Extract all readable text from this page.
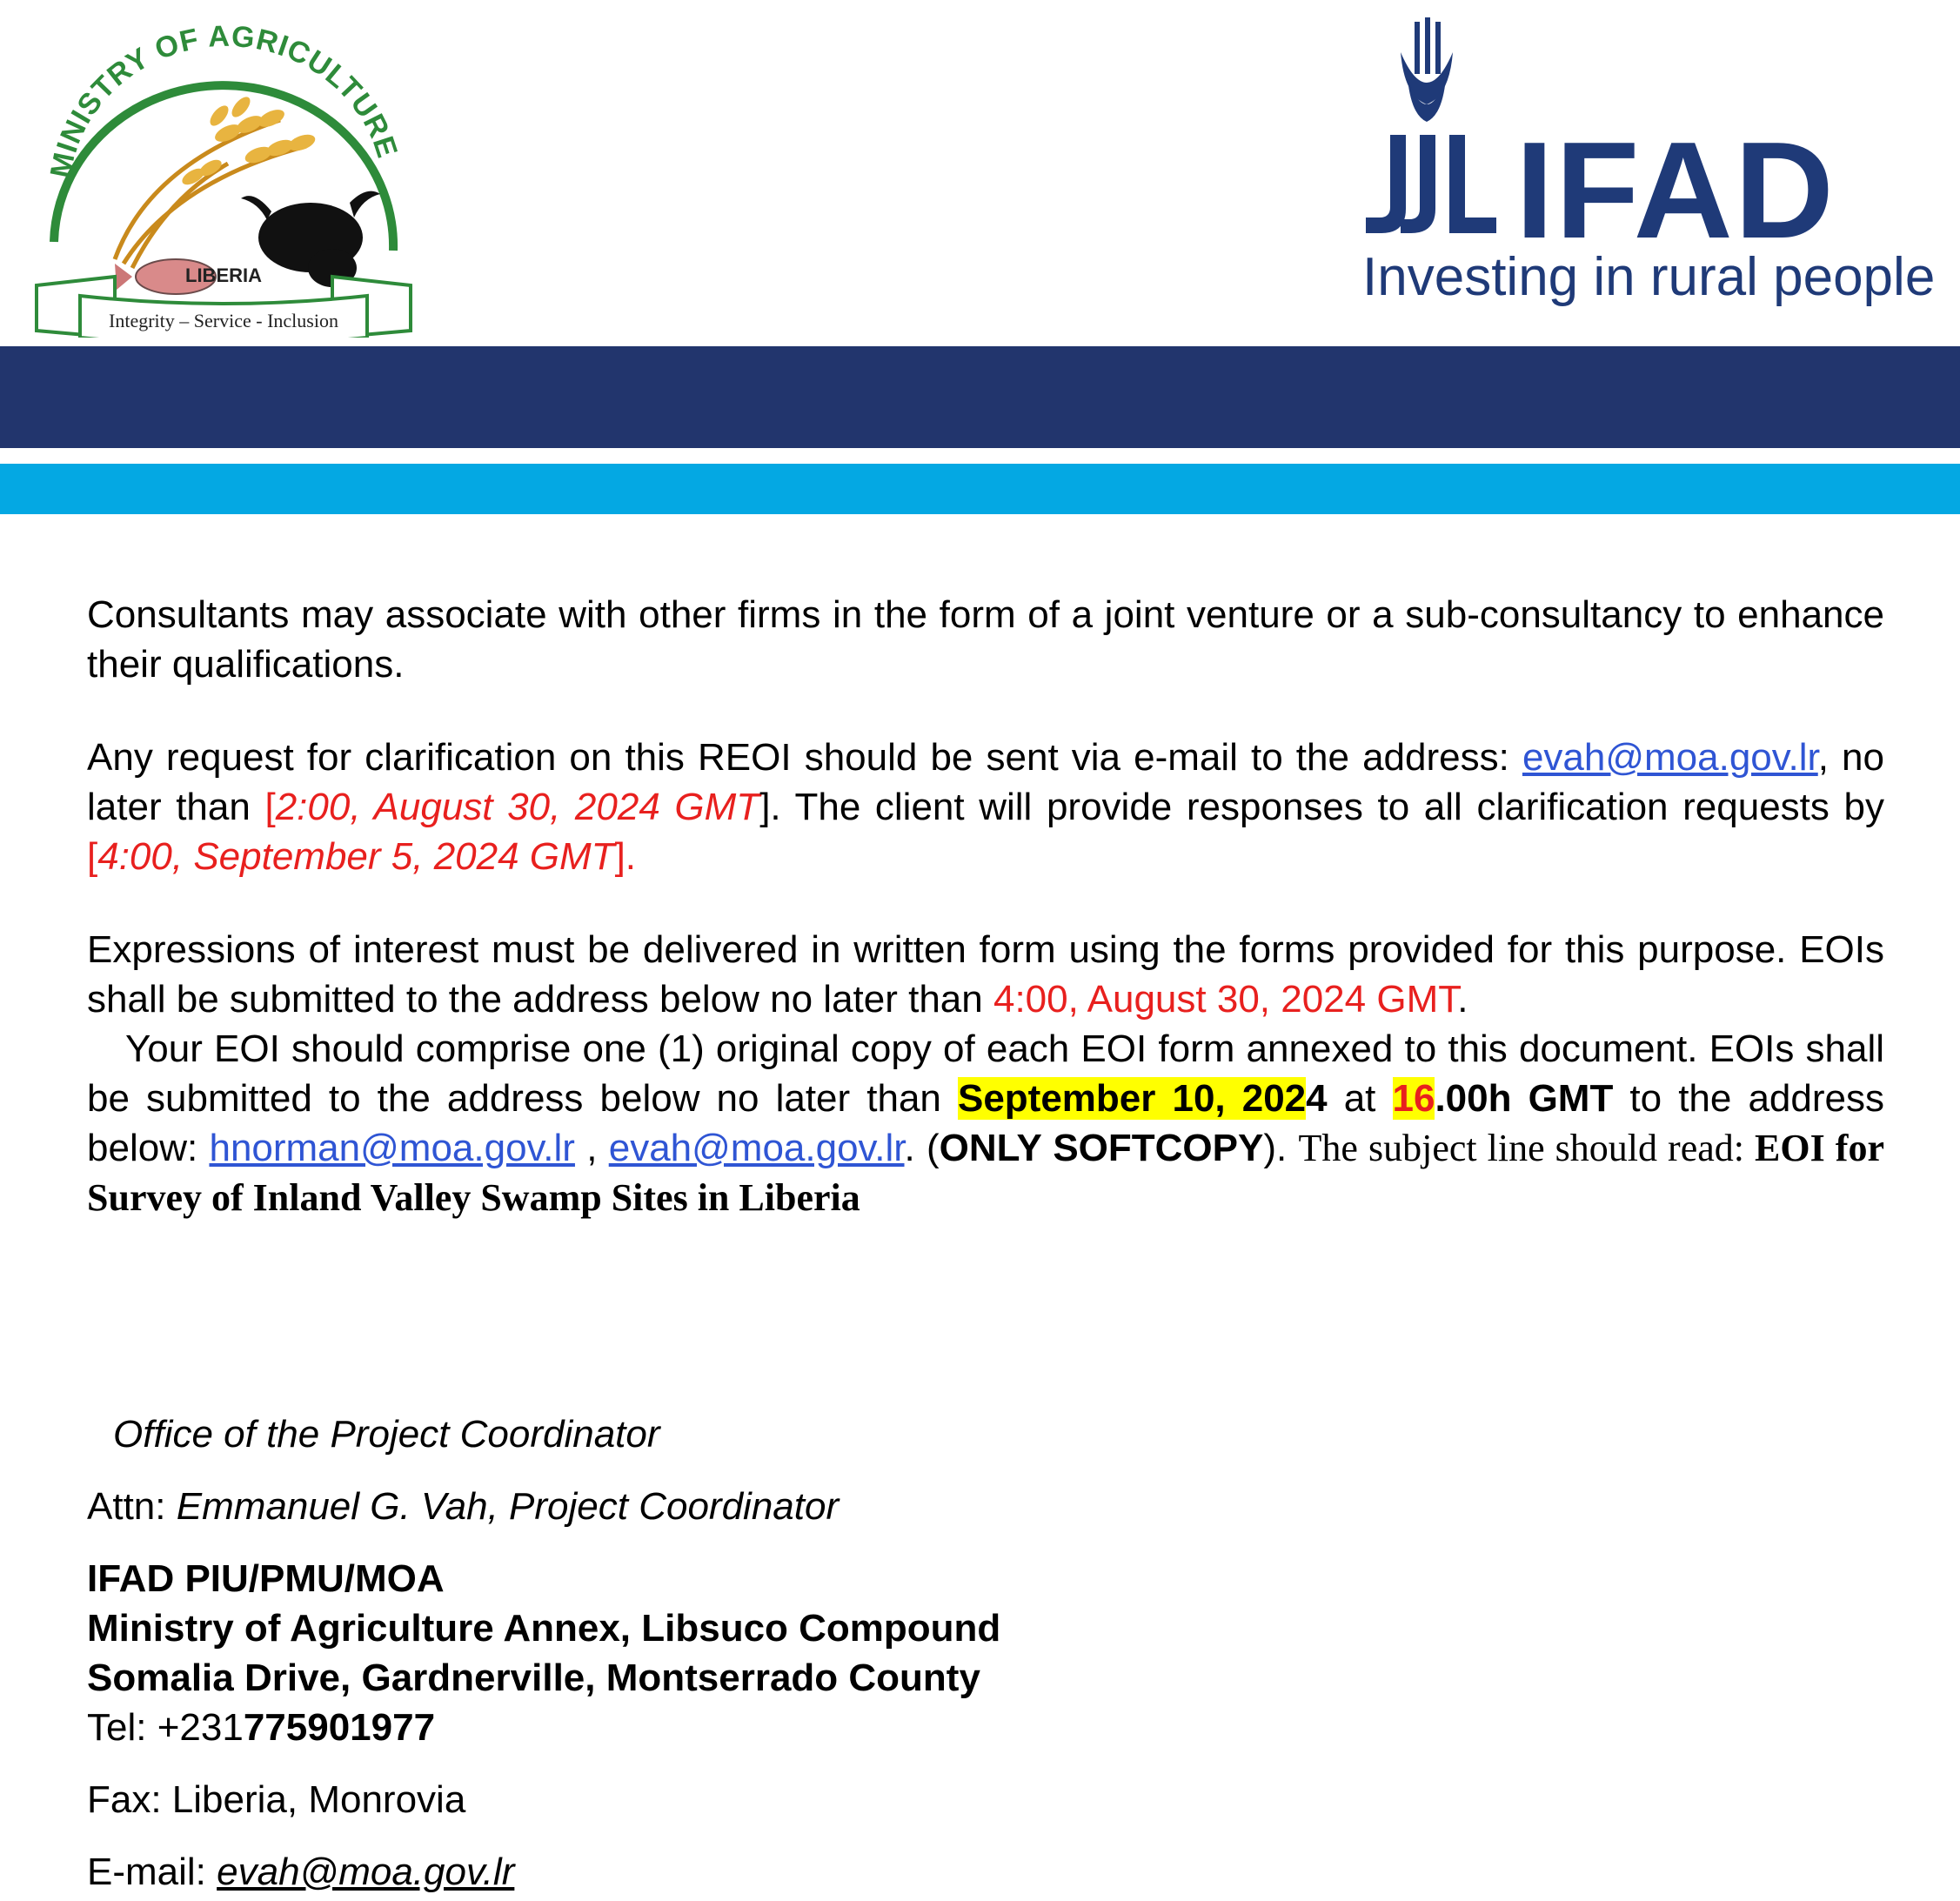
MINISTRY OF AGRICULTURE
LIBERIA
Integrity – Service - Inclusion
IFAD
Investing in rural people

Consultants may associate with other firms in the form of a joint venture or a sub-consultancy to enhance their qualifications.

Any request for clarification on this REOI should be sent via e-mail to the address: evah@moa.gov.lr, no later than [2:00, August 30, 2024 GMT]. The client will provide responses to all clarification requests by [4:00, September 5, 2024 GMT].

Expressions of interest must be delivered in written form using the forms provided for this purpose. EOIs shall be submitted to the address below no later than 4:00, August 30, 2024 GMT.
Your EOI should comprise one (1) original copy of each EOI form annexed to this document. EOIs shall be submitted to the address below no later than September 10, 2024 at 16.00h GMT to the address below: hnorman@moa.gov.lr , evah@moa.gov.lr. (ONLY SOFTCOPY). The subject line should read: EOI for Survey of Inland Valley Swamp Sites in Liberia

Office of the Project Coordinator

Attn: Emmanuel G. Vah, Project Coordinator

IFAD PIU/PMU/MOA

Ministry of Agriculture Annex, Libsuco Compound

Somalia Drive, Gardnerville, Montserrado County

Tel: +231775901977

Fax: Liberia, Monrovia

E-mail: evah@moa.gov.lr
